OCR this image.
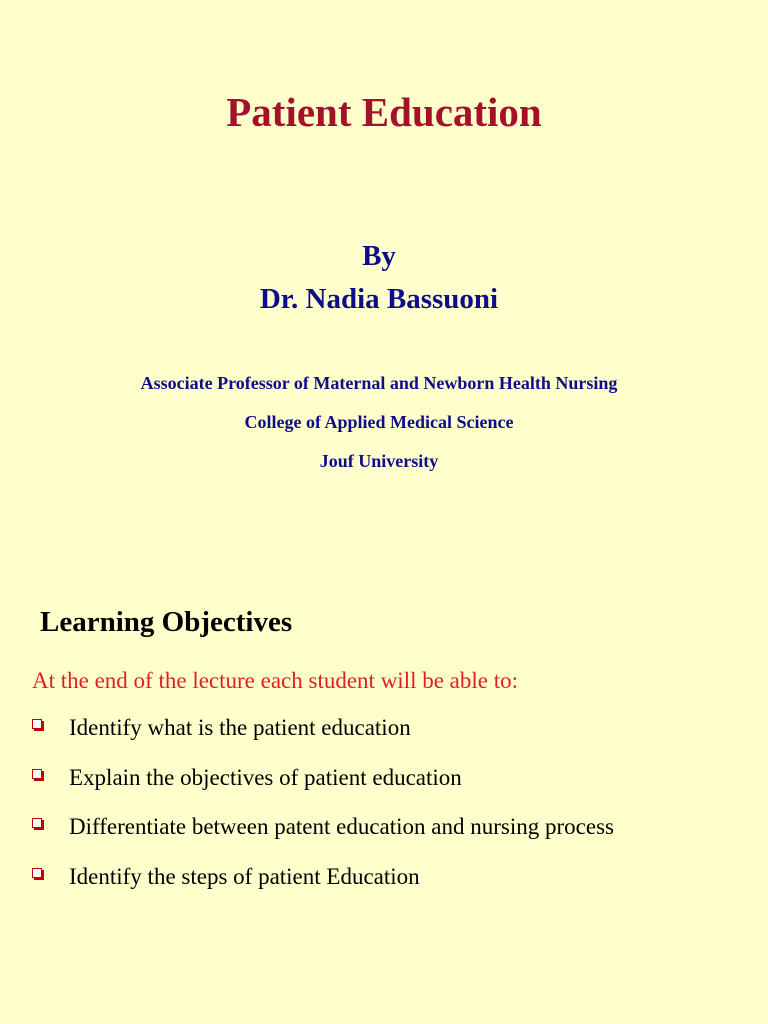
Patient Education

By

Dr. Nadia Bassuoni

Associate Professor of Maternal and Newborn Health Nursing

College of Applied Medical Science

Jouf University

Learning Objectives

At the end of the lecture each student will be able to:

Identify what is the patient education
Explain the objectives of patient education
Differentiate between patent education and nursing process
Identify the steps of patient Education
